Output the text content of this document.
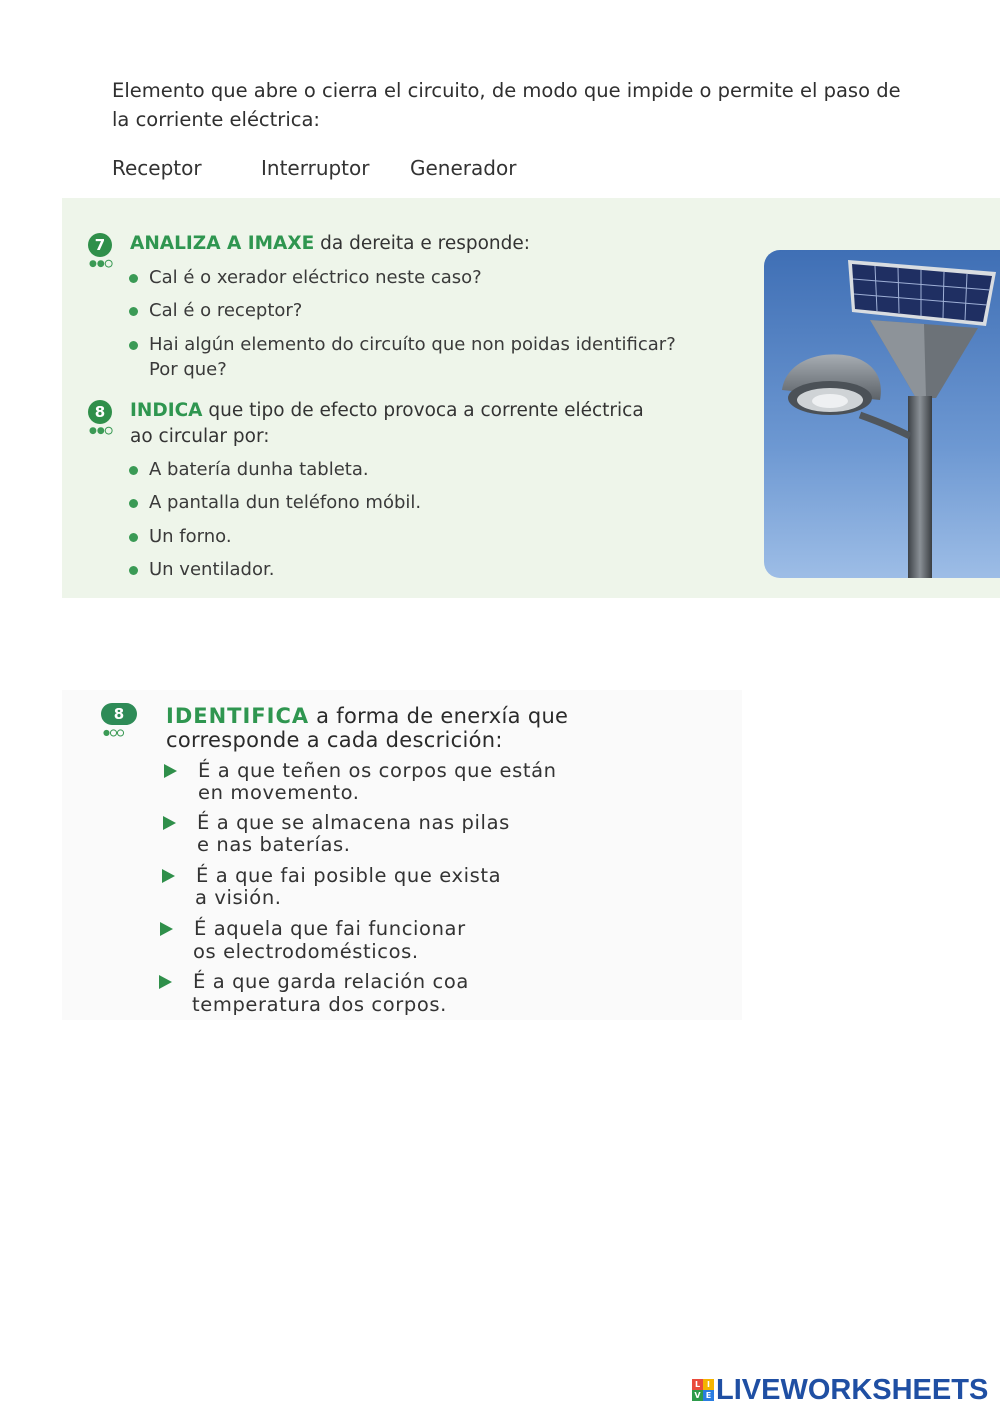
Elemento que abre o cierra el circuito, de modo que impide o permite el paso de la corriente eléctrica:
Receptor	Interruptor Generador
7
●●●
ANALIZA A IMAXE da dereita e responde:
Cal é o xerador eléctrico neste caso?
Cal é o receptor?
Hai algún elemento do circuíto que non poidas identificar?
Por que?
8
●●●
INDICA que tipo de efecto provoca a corrente eléctrica
ao circular por:
A batería dunha tableta.
A pantalla dun teléfono móbil.
Un forno.
Un ventilador.
8
●●●
IDENTIFICA a forma de enerxía que
corresponde a cada descrición:
É a que teñen os corpos que están
en movemento.
É a que se almacena nas pilas
e nas baterías.
É a que fai posible que exista
a visión.
É aquela que fai funcionar
os electrodomésticos.
É a que garda relación coa
temperatura dos corpos.
L I
V E LIVEWORKSHEETS
